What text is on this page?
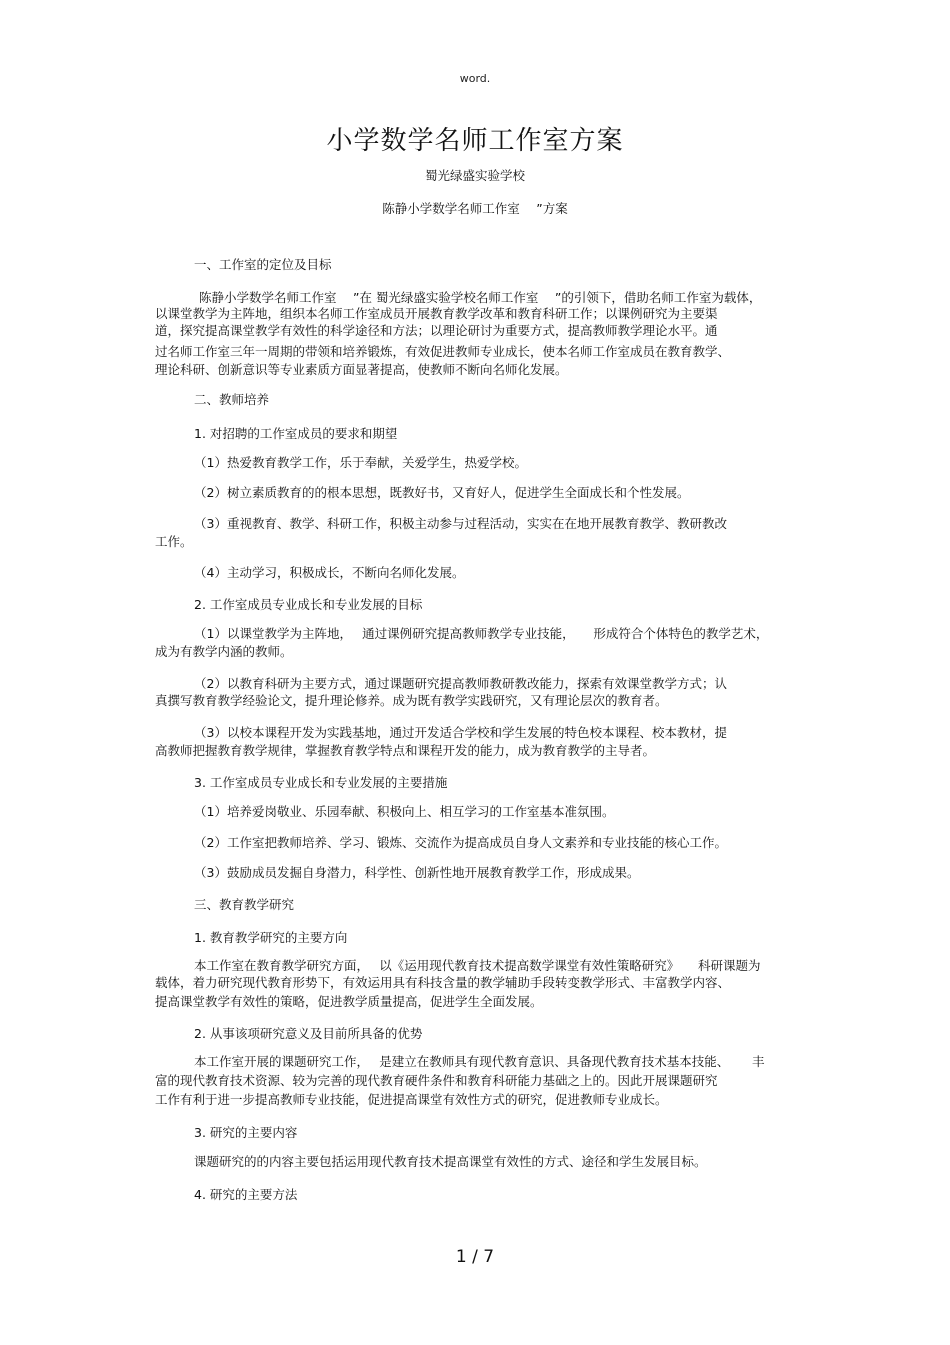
word.
小学数学名师工作室方案
蜀光绿盛实验学校
陈静小学数学名师工作室　 ”方案
一、工作室的定位及目标
陈静小学数学名师工作室　 ”在 蜀光绿盛实验学校名师工作室　 ”的引领下，借助名师工作室为载体，
以课堂教学为主阵地，组织本名师工作室成员开展教育教学改革和教育科研工作；以课例研究为主要渠
道，探究提高课堂教学有效性的科学途径和方法；以理论研讨为重要方式，提高教师教学理论水平。通
过名师工作室三年一周期的带领和培养锻炼，有效促进教师专业成长，使本名师工作室成员在教育教学、
理论科研、创新意识等专业素质方面显著提高，使教师不断向名师化发展。
二、教师培养
1. 对招聘的工作室成员的要求和期望
（1）热爱教育教学工作，乐于奉献，关爱学生，热爱学校。
（2）树立素质教育的的根本思想，既教好书，又育好人，促进学生全面成长和个性发展。
（3）重视教育、教学、科研工作，积极主动参与过程活动，实实在在地开展教育教学、教研教改
工作。
（4）主动学习，积极成长，不断向名师化发展。
2. 工作室成员专业成长和专业发展的目标
（1）以课堂教学为主阵地，　 通过课例研究提高教师教学专业技能，　　形成符合个体特色的教学艺术，
成为有教学内涵的教师。
（2）以教育科研为主要方式，通过课题研究提高教师教研教改能力，探索有效课堂教学方式；认
真撰写教育教学经验论文，提升理论修养。成为既有教学实践研究，又有理论层次的教育者。
（3）以校本课程开发为实践基地，通过开发适合学校和学生发展的特色校本课程、校本教材，提
高教师把握教育教学规律，掌握教育教学特点和课程开发的能力，成为教育教学的主导者。
3. 工作室成员专业成长和专业发展的主要措施
（1）培养爱岗敬业、乐园奉献、积极向上、相互学习的工作室基本准氛围。
（2）工作室把教师培养、学习、锻炼、交流作为提高成员自身人文素养和专业技能的核心工作。
（3）鼓励成员发掘自身潜力，科学性、创新性地开展教育教学工作，形成成果。
三、教育教学研究
1. 教育教学研究的主要方向
本工作室在教育教学研究方面，　 以《运用现代教育技术提高数学课堂有效性策略研究》　　科研课题为
载体，着力研究现代教育形势下，有效运用具有科技含量的教学辅助手段转变教学形式、丰富教学内容、
提高课堂教学有效性的策略，促进教学质量提高，促进学生全面发展。
2. 从事该项研究意义及目前所具备的优势
本工作室开展的课题研究工作，　 是建立在教师具有现代教育意识、具备现代教育技术基本技能、　　 丰
富的现代教育技术资源、较为完善的现代教育硬件条件和教育科研能力基础之上的。因此开展课题研究
工作有利于进一步提高教师专业技能，促进提高课堂有效性方式的研究，促进教师专业成长。
3. 研究的主要内容
课题研究的的内容主要包括运用现代教育技术提高课堂有效性的方式、途径和学生发展目标。
4. 研究的主要方法
1 / 7
